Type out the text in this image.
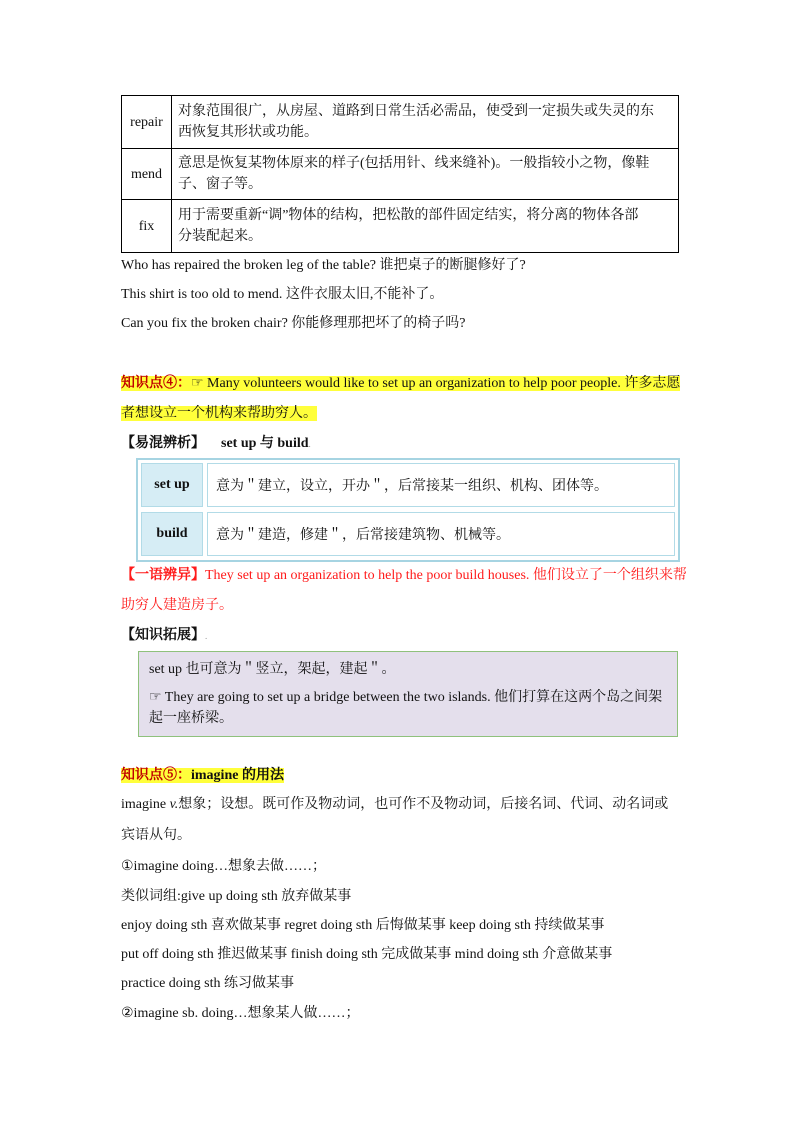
repair	对象范围很广，从房屋、道路到日常生活必需品，使受到一定损失或失灵的东
西恢复其形状或功能。

mend	意思是恢复某物体原来的样子(包括用针、线来缝补)。一般指较小之物，像鞋
子、窗子等。

fix	用于需要重新“调”物体的结构，把松散的部件固定结实，将分离的物体各部
分装配起来。
Who has repaired the broken leg of the table? 谁把桌子的断腿修好了?
This shirt is too old to mend. 这件衣服太旧,不能补了。
Can you fix the broken chair? 你能修理那把坏了的椅子吗?
知识点④：☞ Many volunteers would like to set up an organization to help poor people. 许多志愿
者想设立一个机构来帮助穷人。
【易混辨析】 set up 与 build.
set up	意为＂建立，设立，开办＂，后常接某一组织、机构、团体等。
build	意为＂建造，修建＂，后常接建筑物、机械等。
【一语辨异】They set up an organization to help the poor build houses. 他们设立了一个组织来帮
助穷人建造房子。
【知识拓展】.
set up 也可意为＂竖立，架起，建起＂。
☞ They are going to set up a bridge between the two islands. 他们打算在这两个岛之间架
起一座桥梁。
知识点⑤：imagine 的用法
imagine v.想象；设想。既可作及物动词，也可作不及物动词，后接名词、代词、动名词或
宾语从句。
①imagine doing…想象去做……；
类似词组:give up doing sth 放弃做某事
enjoy doing sth 喜欢做某事 regret doing sth 后悔做某事 keep doing sth 持续做某事
put off doing sth 推迟做某事 finish doing sth 完成做某事 mind doing sth 介意做某事
practice doing sth 练习做某事
②imagine sb. doing…想象某人做……；
